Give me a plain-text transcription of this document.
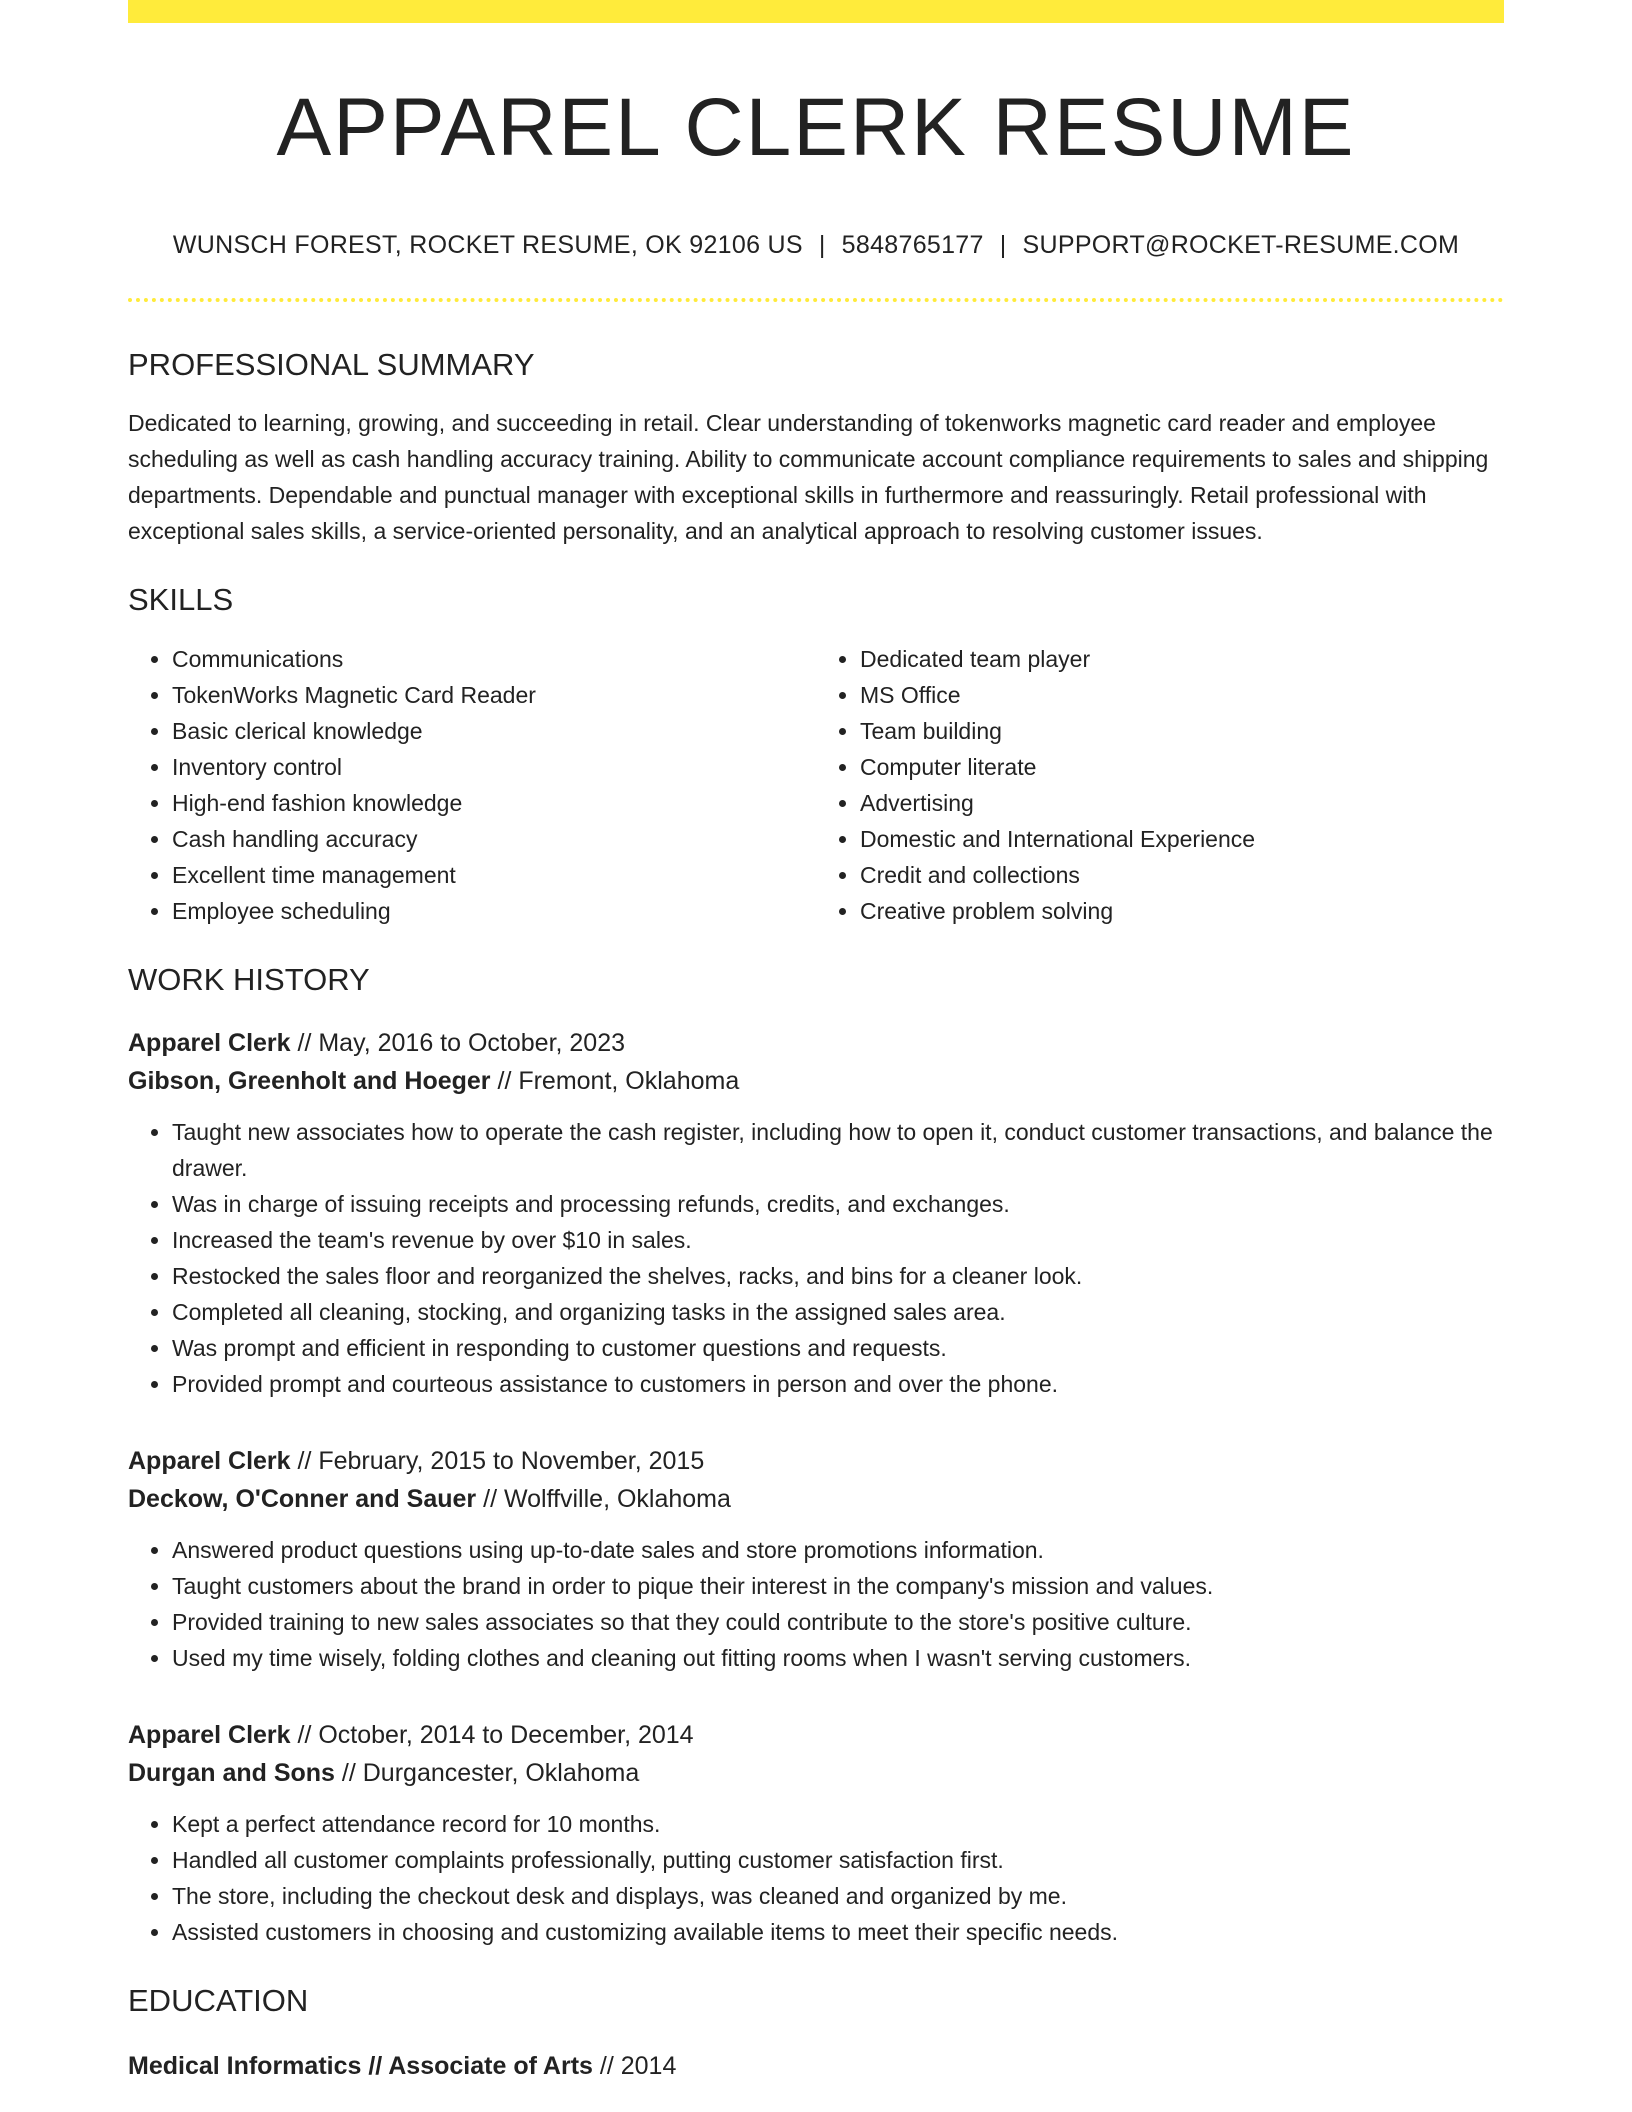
APPAREL CLERK RESUME
WUNSCH FOREST, ROCKET RESUME, OK 92106 US | 5848765177 | SUPPORT@ROCKET-RESUME.COM
PROFESSIONAL SUMMARY
Dedicated to learning, growing, and succeeding in retail. Clear understanding of tokenworks magnetic card reader and employee scheduling as well as cash handling accuracy training. Ability to communicate account compliance requirements to sales and shipping departments. Dependable and punctual manager with exceptional skills in furthermore and reassuringly. Retail professional with exceptional sales skills, a service-oriented personality, and an analytical approach to resolving customer issues.
SKILLS
• Communications
• TokenWorks Magnetic Card Reader
• Basic clerical knowledge
• Inventory control
• High-end fashion knowledge
• Cash handling accuracy
• Excellent time management
• Employee scheduling
• Dedicated team player
• MS Office
• Team building
• Computer literate
• Advertising
• Domestic and International Experience
• Credit and collections
• Creative problem solving
WORK HISTORY
Apparel Clerk // May, 2016 to October, 2023
Gibson, Greenholt and Hoeger // Fremont, Oklahoma
• Taught new associates how to operate the cash register, including how to open it, conduct customer transactions, and balance the drawer.
• Was in charge of issuing receipts and processing refunds, credits, and exchanges.
• Increased the team's revenue by over $10 in sales.
• Restocked the sales floor and reorganized the shelves, racks, and bins for a cleaner look.
• Completed all cleaning, stocking, and organizing tasks in the assigned sales area.
• Was prompt and efficient in responding to customer questions and requests.
• Provided prompt and courteous assistance to customers in person and over the phone.
Apparel Clerk // February, 2015 to November, 2015
Deckow, O'Conner and Sauer // Wolffville, Oklahoma
• Answered product questions using up-to-date sales and store promotions information.
• Taught customers about the brand in order to pique their interest in the company's mission and values.
• Provided training to new sales associates so that they could contribute to the store's positive culture.
• Used my time wisely, folding clothes and cleaning out fitting rooms when I wasn't serving customers.
Apparel Clerk // October, 2014 to December, 2014
Durgan and Sons // Durgancester, Oklahoma
• Kept a perfect attendance record for 10 months.
• Handled all customer complaints professionally, putting customer satisfaction first.
• The store, including the checkout desk and displays, was cleaned and organized by me.
• Assisted customers in choosing and customizing available items to meet their specific needs.
EDUCATION
Medical Informatics // Associate of Arts // 2014
